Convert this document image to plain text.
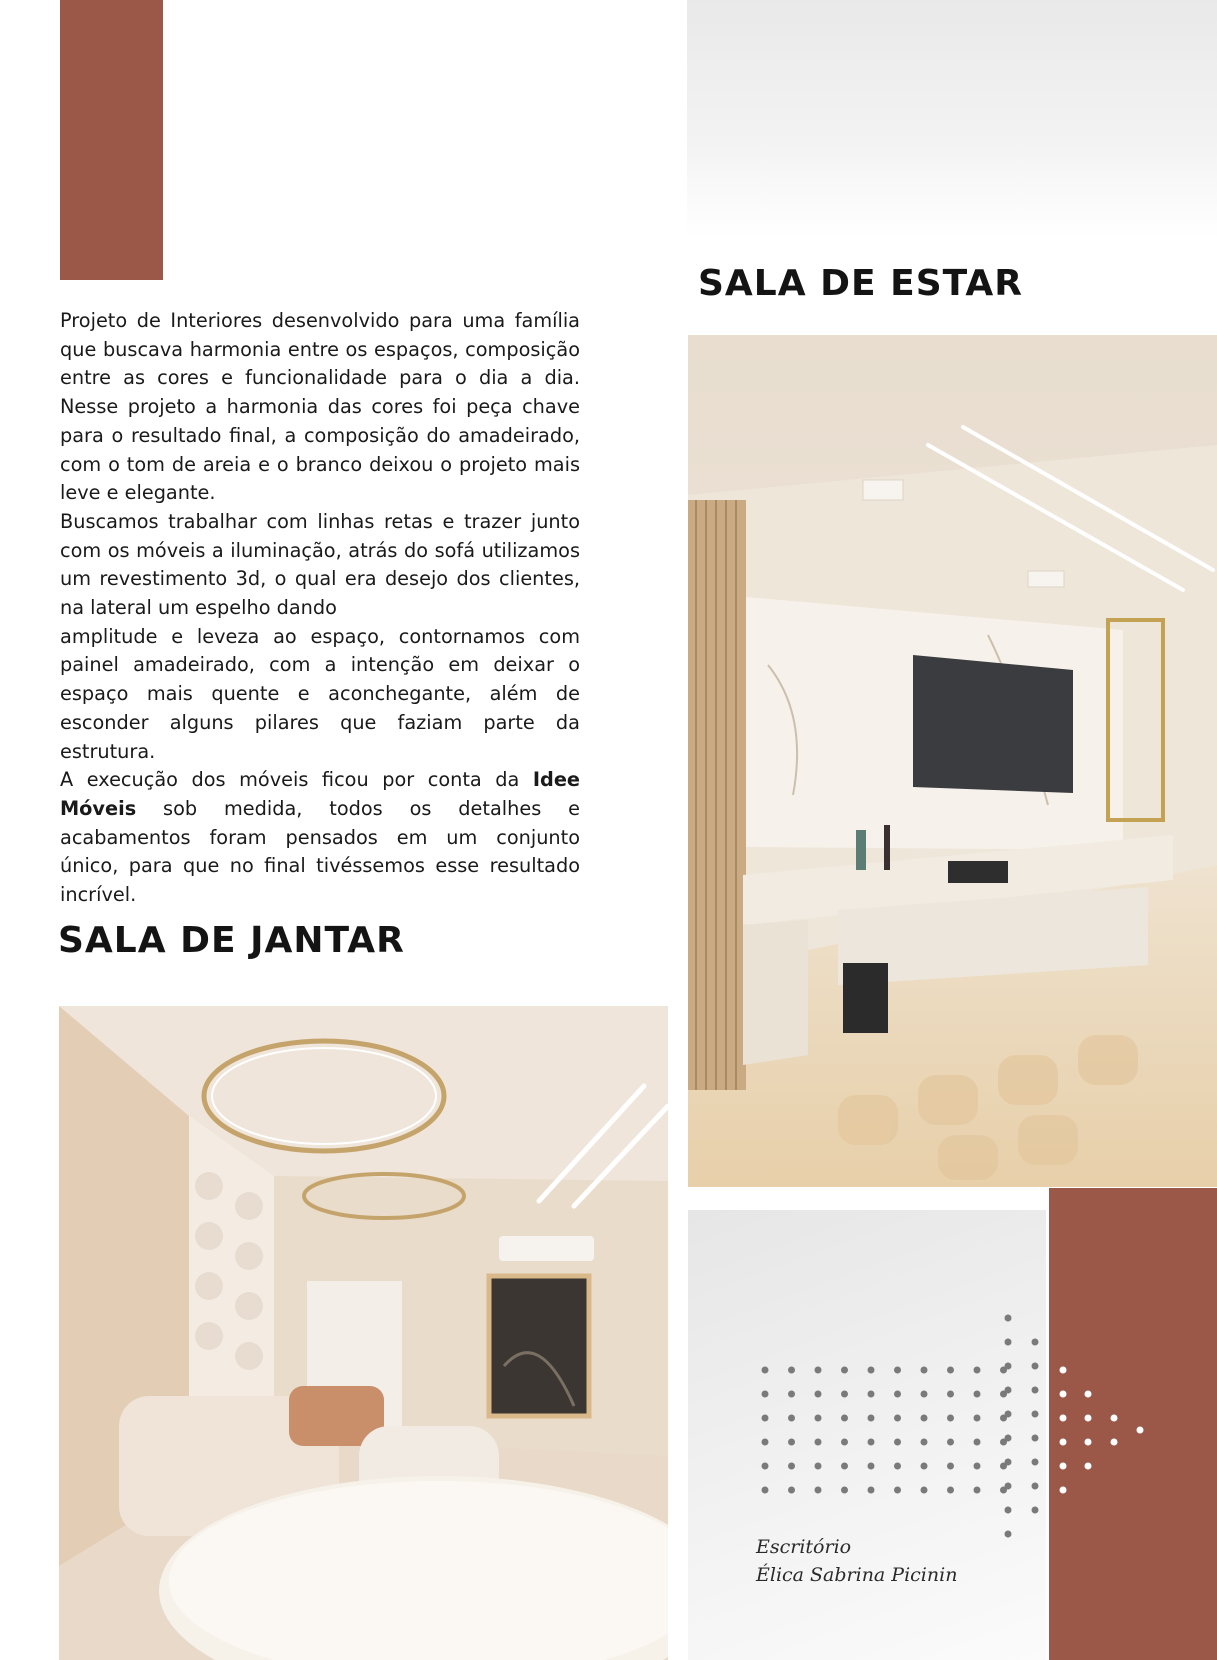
SALA DE ESTAR

Projeto de Interiores desenvolvido para uma família que buscava harmonia entre os espaços, composição entre as cores e funcionalidade para o dia a dia. Nesse projeto a harmonia das cores foi peça chave para o resultado final, a composição do amadeirado, com o tom de areia e o branco deixou o projeto mais leve e elegante.

Buscamos trabalhar com linhas retas e trazer junto com os móveis a iluminação, atrás do sofá utilizamos um revestimento 3d, o qual era desejo dos clientes, na lateral um espelho dando

amplitude e leveza ao espaço, contornamos com painel amadeirado, com a intenção em deixar o espaço mais quente e aconchegante, além de esconder alguns pilares que faziam parte da estrutura.

A execução dos móveis ficou por conta da Idee Móveis sob medida, todos os detalhes e acabamentos foram pensados em um conjunto único, para que no final tivéssemos esse resultado incrível.

SALA DE JANTAR
Escritório
Élica Sabrina Picinin
